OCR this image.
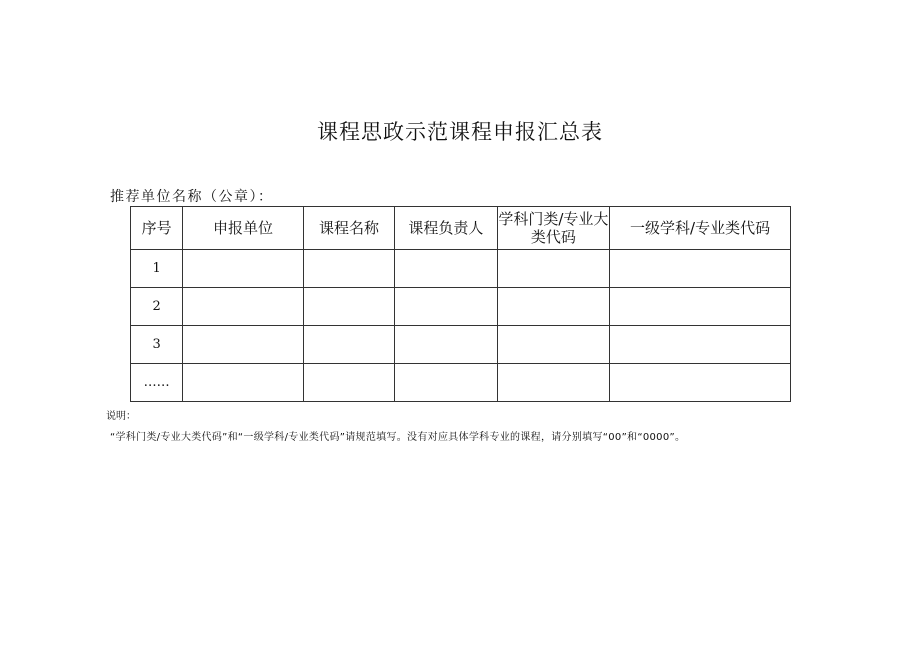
课程思政示范课程申报汇总表
推荐单位名称（公章）：
序号	申报单位	课程名称	课程负责人	学科门类/专业大类代码	一级学科/专业类代码
1					
2					
3					
……					
说明：
“学科门类/专业大类代码”和“一级学科/专业类代码”请规范填写。没有对应具体学科专业的课程，请分别填写“00”和“0000”。
